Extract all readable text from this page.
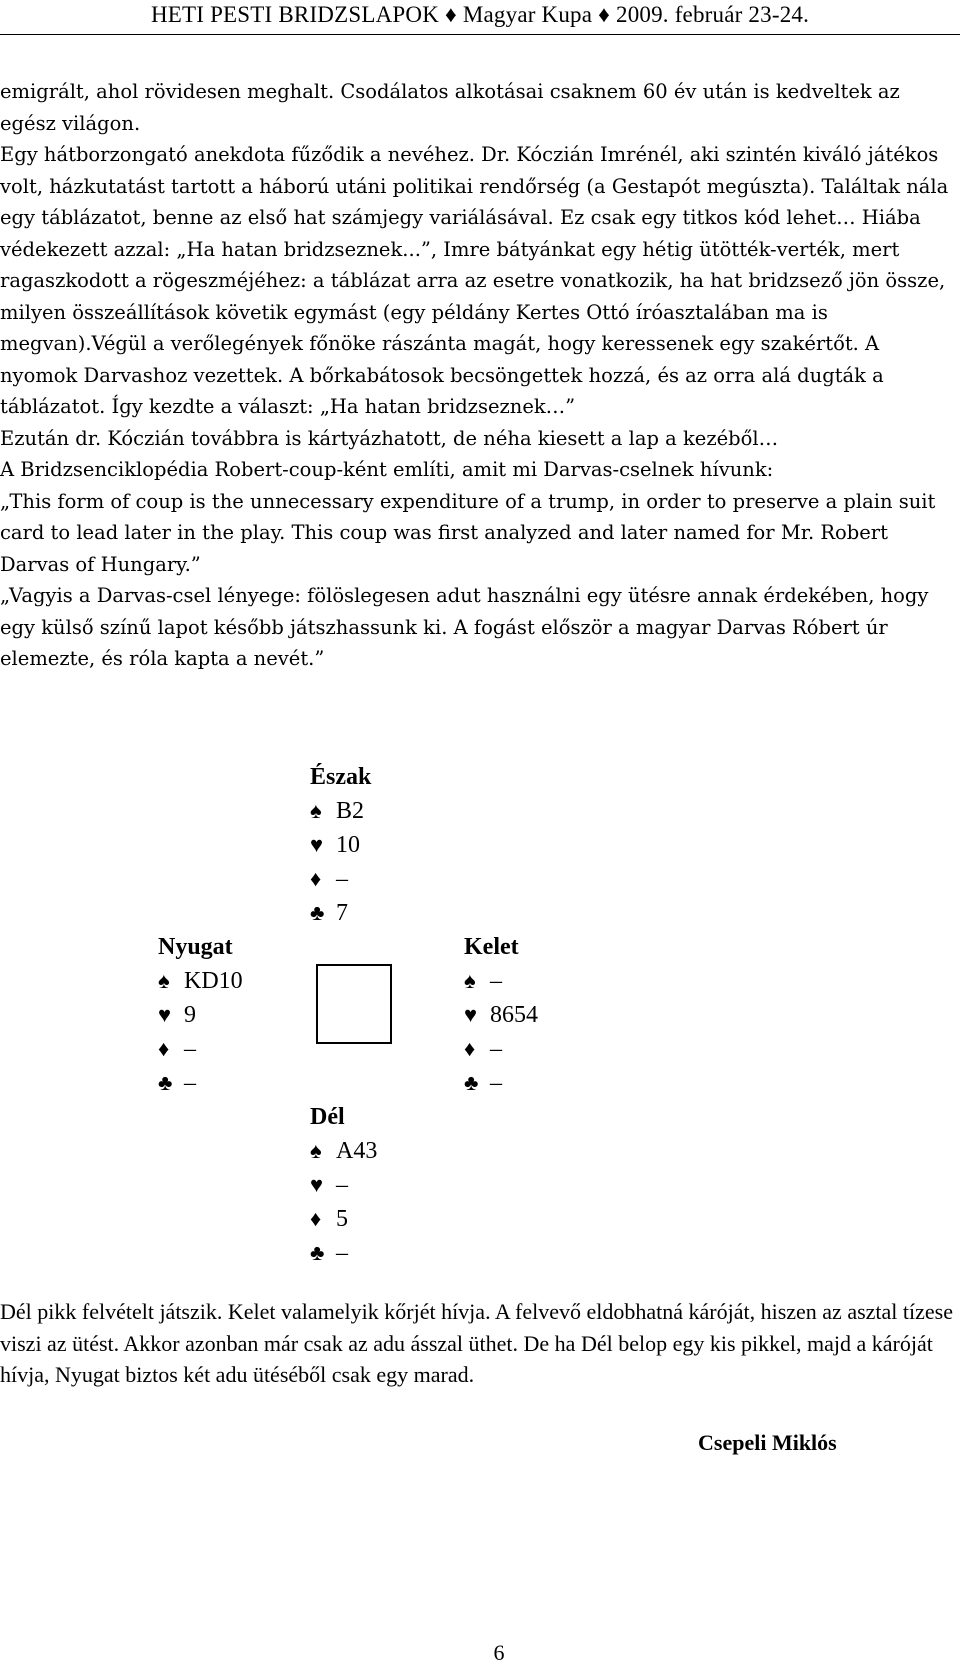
HETI PESTI BRIDZSLAPOK ♦ Magyar Kupa ♦ 2009. február 23-24.

emigrált, ahol rövidesen meghalt. Csodálatos alkotásai csaknem 60 év után is kedveltek az egész világon.

Egy hátborzongató anekdota fűződik a nevéhez. Dr. Kóczián Imrénél, aki szintén kiváló játékos volt, házkutatást tartott a háború utáni politikai rendőrség (a Gestapót megúszta). Találtak nála egy táblázatot, benne az első hat számjegy variálásával. Ez csak egy titkos kód lehet… Hiába védekezett azzal: „Ha hatan bridzseznek...”, Imre bátyánkat egy hétig ütötték-verték, mert ragaszkodott a rögeszméjéhez: a táblázat arra az esetre vonatkozik, ha hat bridzsező jön össze, milyen összeállítások követik egymást (egy példány Kertes Ottó íróasztalában ma is megvan).Végül a verőlegények főnöke rászánta magát, hogy keressenek egy szakértőt. A nyomok Darvashoz vezettek. A bőrkabátosok becsöngettek hozzá, és az orra alá dugták a táblázatot. Így kezdte a választ: „Ha hatan bridzseznek…”

Ezután dr. Kóczián továbbra is kártyázhatott, de néha kiesett a lap a kezéből…

A Bridzsenciklopédia Robert-coup-ként említi, amit mi Darvas-cselnek hívunk:

„This form of coup is the unnecessary expenditure of a trump, in order to preserve a plain suit card to lead later in the play. This coup was first analyzed and later named for Mr. Robert Darvas of Hungary.”

„Vagyis a Darvas-csel lényege: fölöslegesen adut használni egy ütésre annak érdekében, hogy egy külső színű lapot később játszhassunk ki. A fogást először a magyar Darvas Róbert úr elemezte, és róla kapta a nevét.”

Észak
♠ B2
♥ 10
♦ –
♣ 7
Nyugat
♠ KD10
♥ 9
♦ –
♣ –
Kelet
♠ –
♥ 8654
♦ –
♣ –
Dél
♠ A43
♥ –
♦ 5
♣ –

Dél pikk felvételt játszik. Kelet valamelyik kőrjét hívja. A felvevő eldobhatná káróját, hiszen az asztal tízese viszi az ütést. Akkor azonban már csak az adu ásszal üthet. De ha Dél belop egy kis pikkel, majd a káróját hívja, Nyugat biztos két adu ütéséből csak egy marad.

Csepeli Miklós
6
